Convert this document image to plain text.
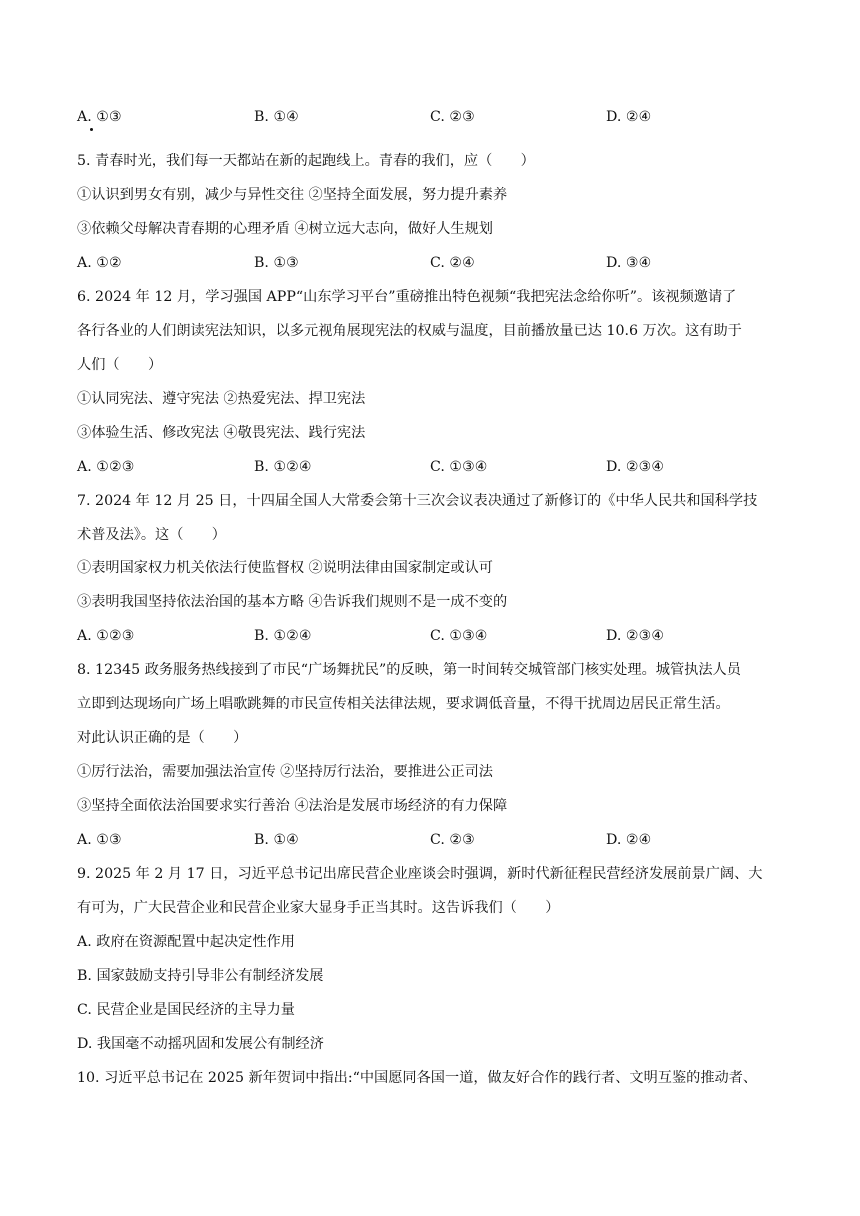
A. ①③	B. ①④	C. ②③	D. ②④
5. 青春时光，我们每一天都站在新的起跑线上。青春的我们，应（　　）
①认识到男女有别，减少与异性交往 ②坚持全面发展，努力提升素养
③依赖父母解决青春期的心理矛盾 ④树立远大志向，做好人生规划
A. ①②	B. ①③	C. ②④	D. ③④
6. 2024 年 12 月，学习强国 APP“山东学习平台”重磅推出特色视频“我把宪法念给你听”。该视频邀请了
各行各业的人们朗读宪法知识，以多元视角展现宪法的权威与温度，目前播放量已达 10.6 万次。这有助于
人们（　　）
①认同宪法、遵守宪法 ②热爱宪法、捍卫宪法
③体验生活、修改宪法 ④敬畏宪法、践行宪法
A. ①②③	B. ①②④	C. ①③④	D. ②③④
7. 2024 年 12 月 25 日，十四届全国人大常委会第十三次会议表决通过了新修订的《中华人民共和国科学技
术普及法》。这（　　）
①表明国家权力机关依法行使监督权 ②说明法律由国家制定或认可
③表明我国坚持依法治国的基本方略 ④告诉我们规则不是一成不变的
A. ①②③	B. ①②④	C. ①③④	D. ②③④
8. 12345 政务服务热线接到了市民“广场舞扰民”的反映，第一时间转交城管部门核实处理。城管执法人员
立即到达现场向广场上唱歌跳舞的市民宣传相关法律法规，要求调低音量，不得干扰周边居民正常生活。
对此认识正确的是（　　）
①厉行法治，需要加强法治宣传 ②坚持厉行法治，要推进公正司法
③坚持全面依法治国要求实行善治 ④法治是发展市场经济的有力保障
A. ①③	B. ①④	C. ②③	D. ②④
9. 2025 年 2 月 17 日，习近平总书记出席民营企业座谈会时强调，新时代新征程民营经济发展前景广阔、大
有可为，广大民营企业和民营企业家大显身手正当其时。这告诉我们（　　）
A. 政府在资源配置中起决定性作用
B. 国家鼓励支持引导非公有制经济发展
C. 民营企业是国民经济的主导力量
D. 我国毫不动摇巩固和发展公有制经济
10. 习近平总书记在 2025 新年贺词中指出:“中国愿同各国一道，做友好合作的践行者、文明互鉴的推动者、
